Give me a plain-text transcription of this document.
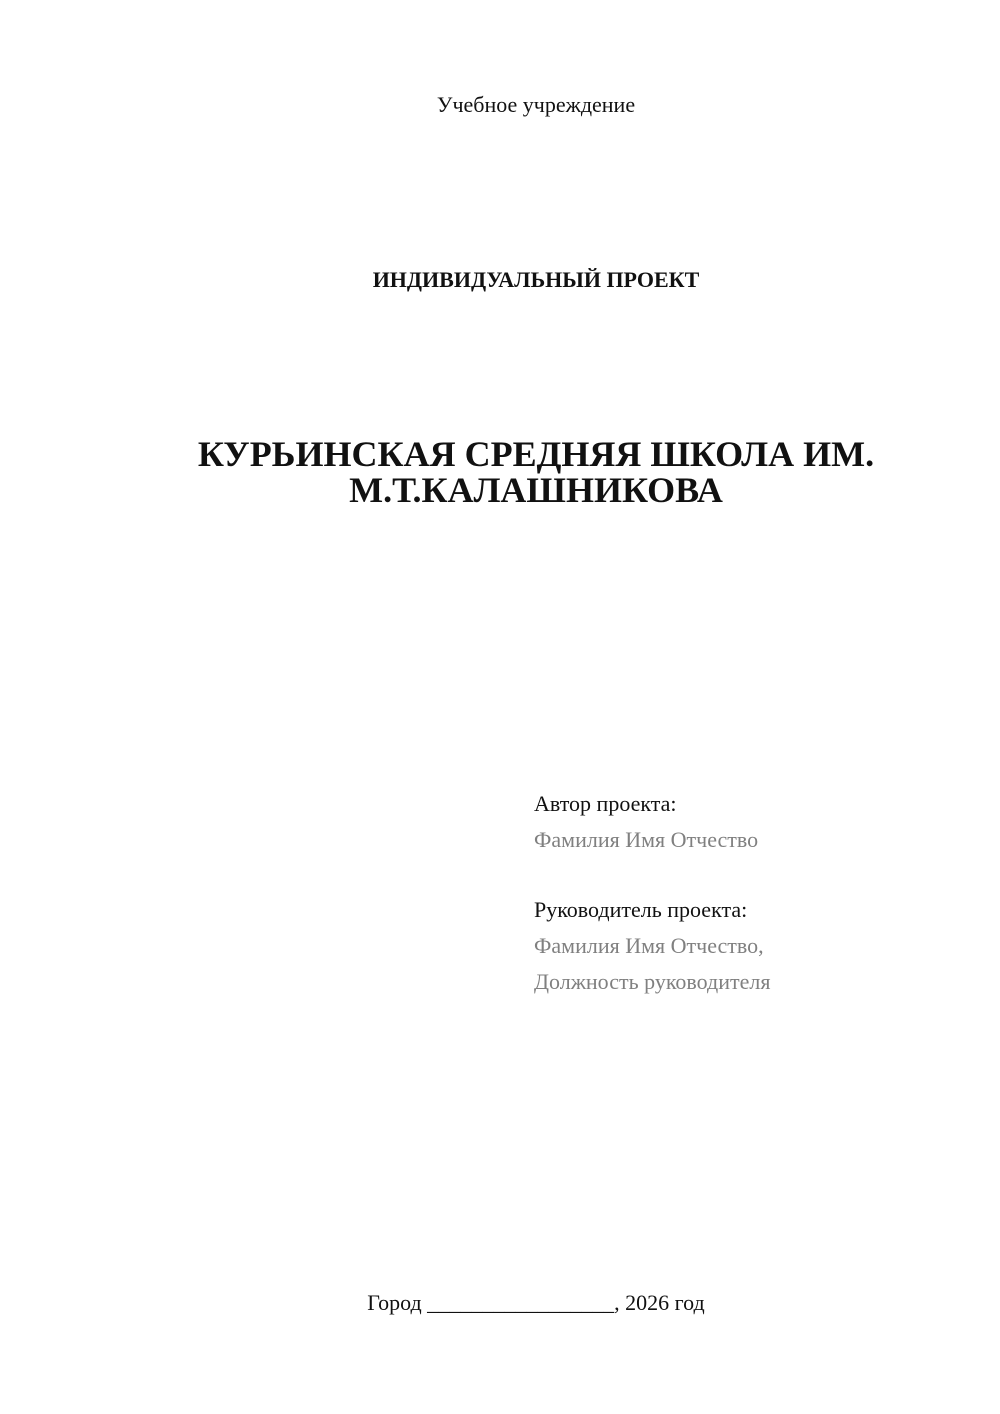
Учебное учреждение
ИНДИВИДУАЛЬНЫЙ ПРОЕКТ
КУРЬИНСКАЯ СРЕДНЯЯ ШКОЛА ИМ.
М.Т.КАЛАШНИКОВА
Автор проекта:
Фамилия Имя Отчество
Руководитель проекта:
Фамилия Имя Отчество,
Должность руководителя
Город _________________, 2026 год
